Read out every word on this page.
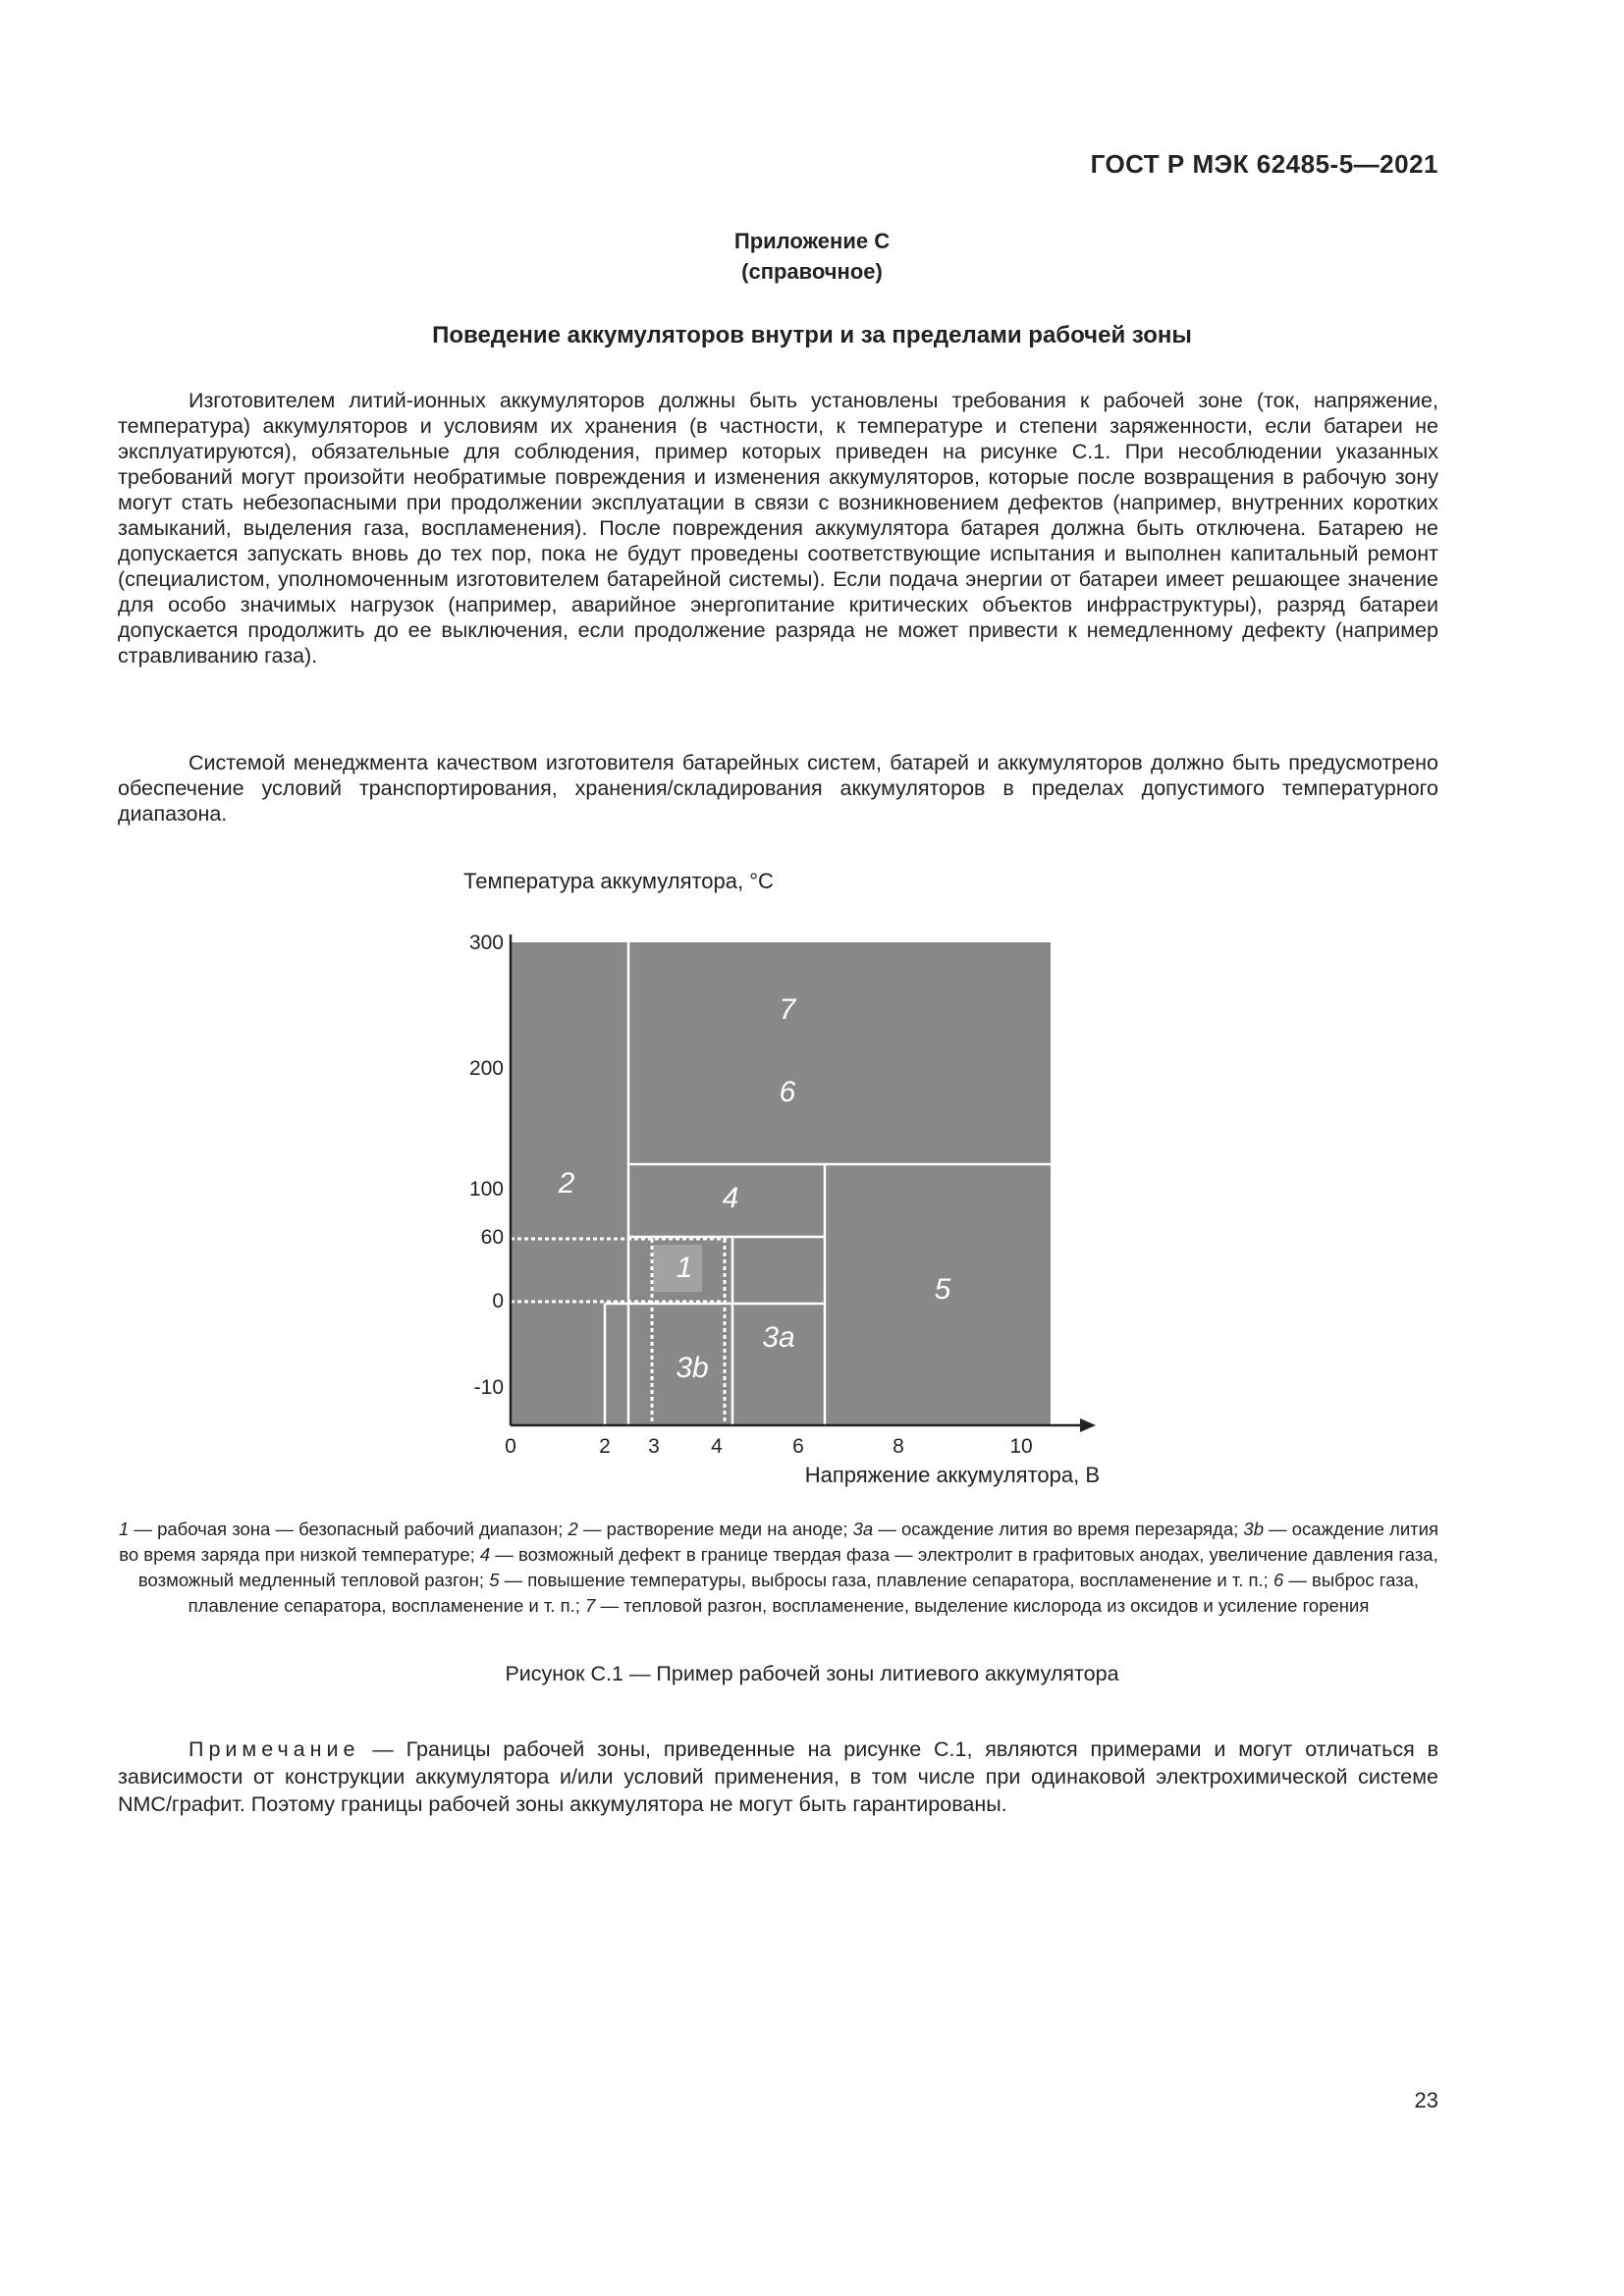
ГОСТ Р МЭК 62485-5—2021
Приложение С
(справочное)
Поведение аккумуляторов внутри и за пределами рабочей зоны

Изготовителем литий-ионных аккумуляторов должны быть установлены требования к рабочей зоне (ток, напряжение, температура) аккумуляторов и условиям их хранения (в частности, к температуре и степени заряженности, если батареи не эксплуатируются), обязательные для соблюдения, пример которых приведен на рисунке С.1. При несоблюдении указанных требований могут произойти необратимые повреждения и изменения аккумуляторов, которые после возвращения в рабочую зону могут стать небезопасными при продолжении эксплуатации в связи с возникновением дефектов (например, внутренних коротких замыканий, выделения газа, воспламенения). После повреждения аккумулятора батарея должна быть отключена. Батарею не допускается запускать вновь до тех пор, пока не будут проведены соответствующие испытания и выполнен капитальный ремонт (специалистом, уполномоченным изготовителем батарейной системы). Если подача энергии от батареи имеет решающее значение для особо значимых нагрузок (например, аварийное энергопитание критических объектов инфраструктуры), разряд батареи допускается продолжить до ее выключения, если продолжение разряда не может привести к немедленному дефекту (например стравливанию газа).

Системой менеджмента качеством изготовителя батарейных систем, батарей и аккумуляторов должно быть предусмотрено обеспечение условий транспортирования, хранения/складирования аккумуляторов в пределах допустимого температурного диапазона.

7
6
2	4
1
5
3a
3b
300
200
100
60
0
-10
0	2 3 4	6	8	10
Температура аккумулятора, °С
Напряжение аккумулятора, В
1 — рабочая зона — безопасный рабочий диапазон; 2 — растворение меди на аноде; 3a — осаждение лития во время перезаряда; 3b — осаждение лития во время заряда при низкой температуре; 4 — возможный дефект в границе твердая фаза — электролит в графитовых анодах, увеличение давления газа, возможный медленный тепловой разгон; 5 — повышение температуры, выбросы газа, плавление сепаратора, воспламенение и т. п.; 6 — выброс газа, плавление сепаратора, воспламенение и т. п.; 7 — тепловой разгон, воспламенение, выделение кислорода из оксидов и усиление горения
Рисунок С.1 — Пример рабочей зоны литиевого аккумулятора
Примечание — Границы рабочей зоны, приведенные на рисунке С.1, являются примерами и могут отличаться в зависимости от конструкции аккумулятора и/или условий применения, в том числе при одинаковой электрохимической системе NMC/графит. Поэтому границы рабочей зоны аккумулятора не могут быть гарантированы.
23
